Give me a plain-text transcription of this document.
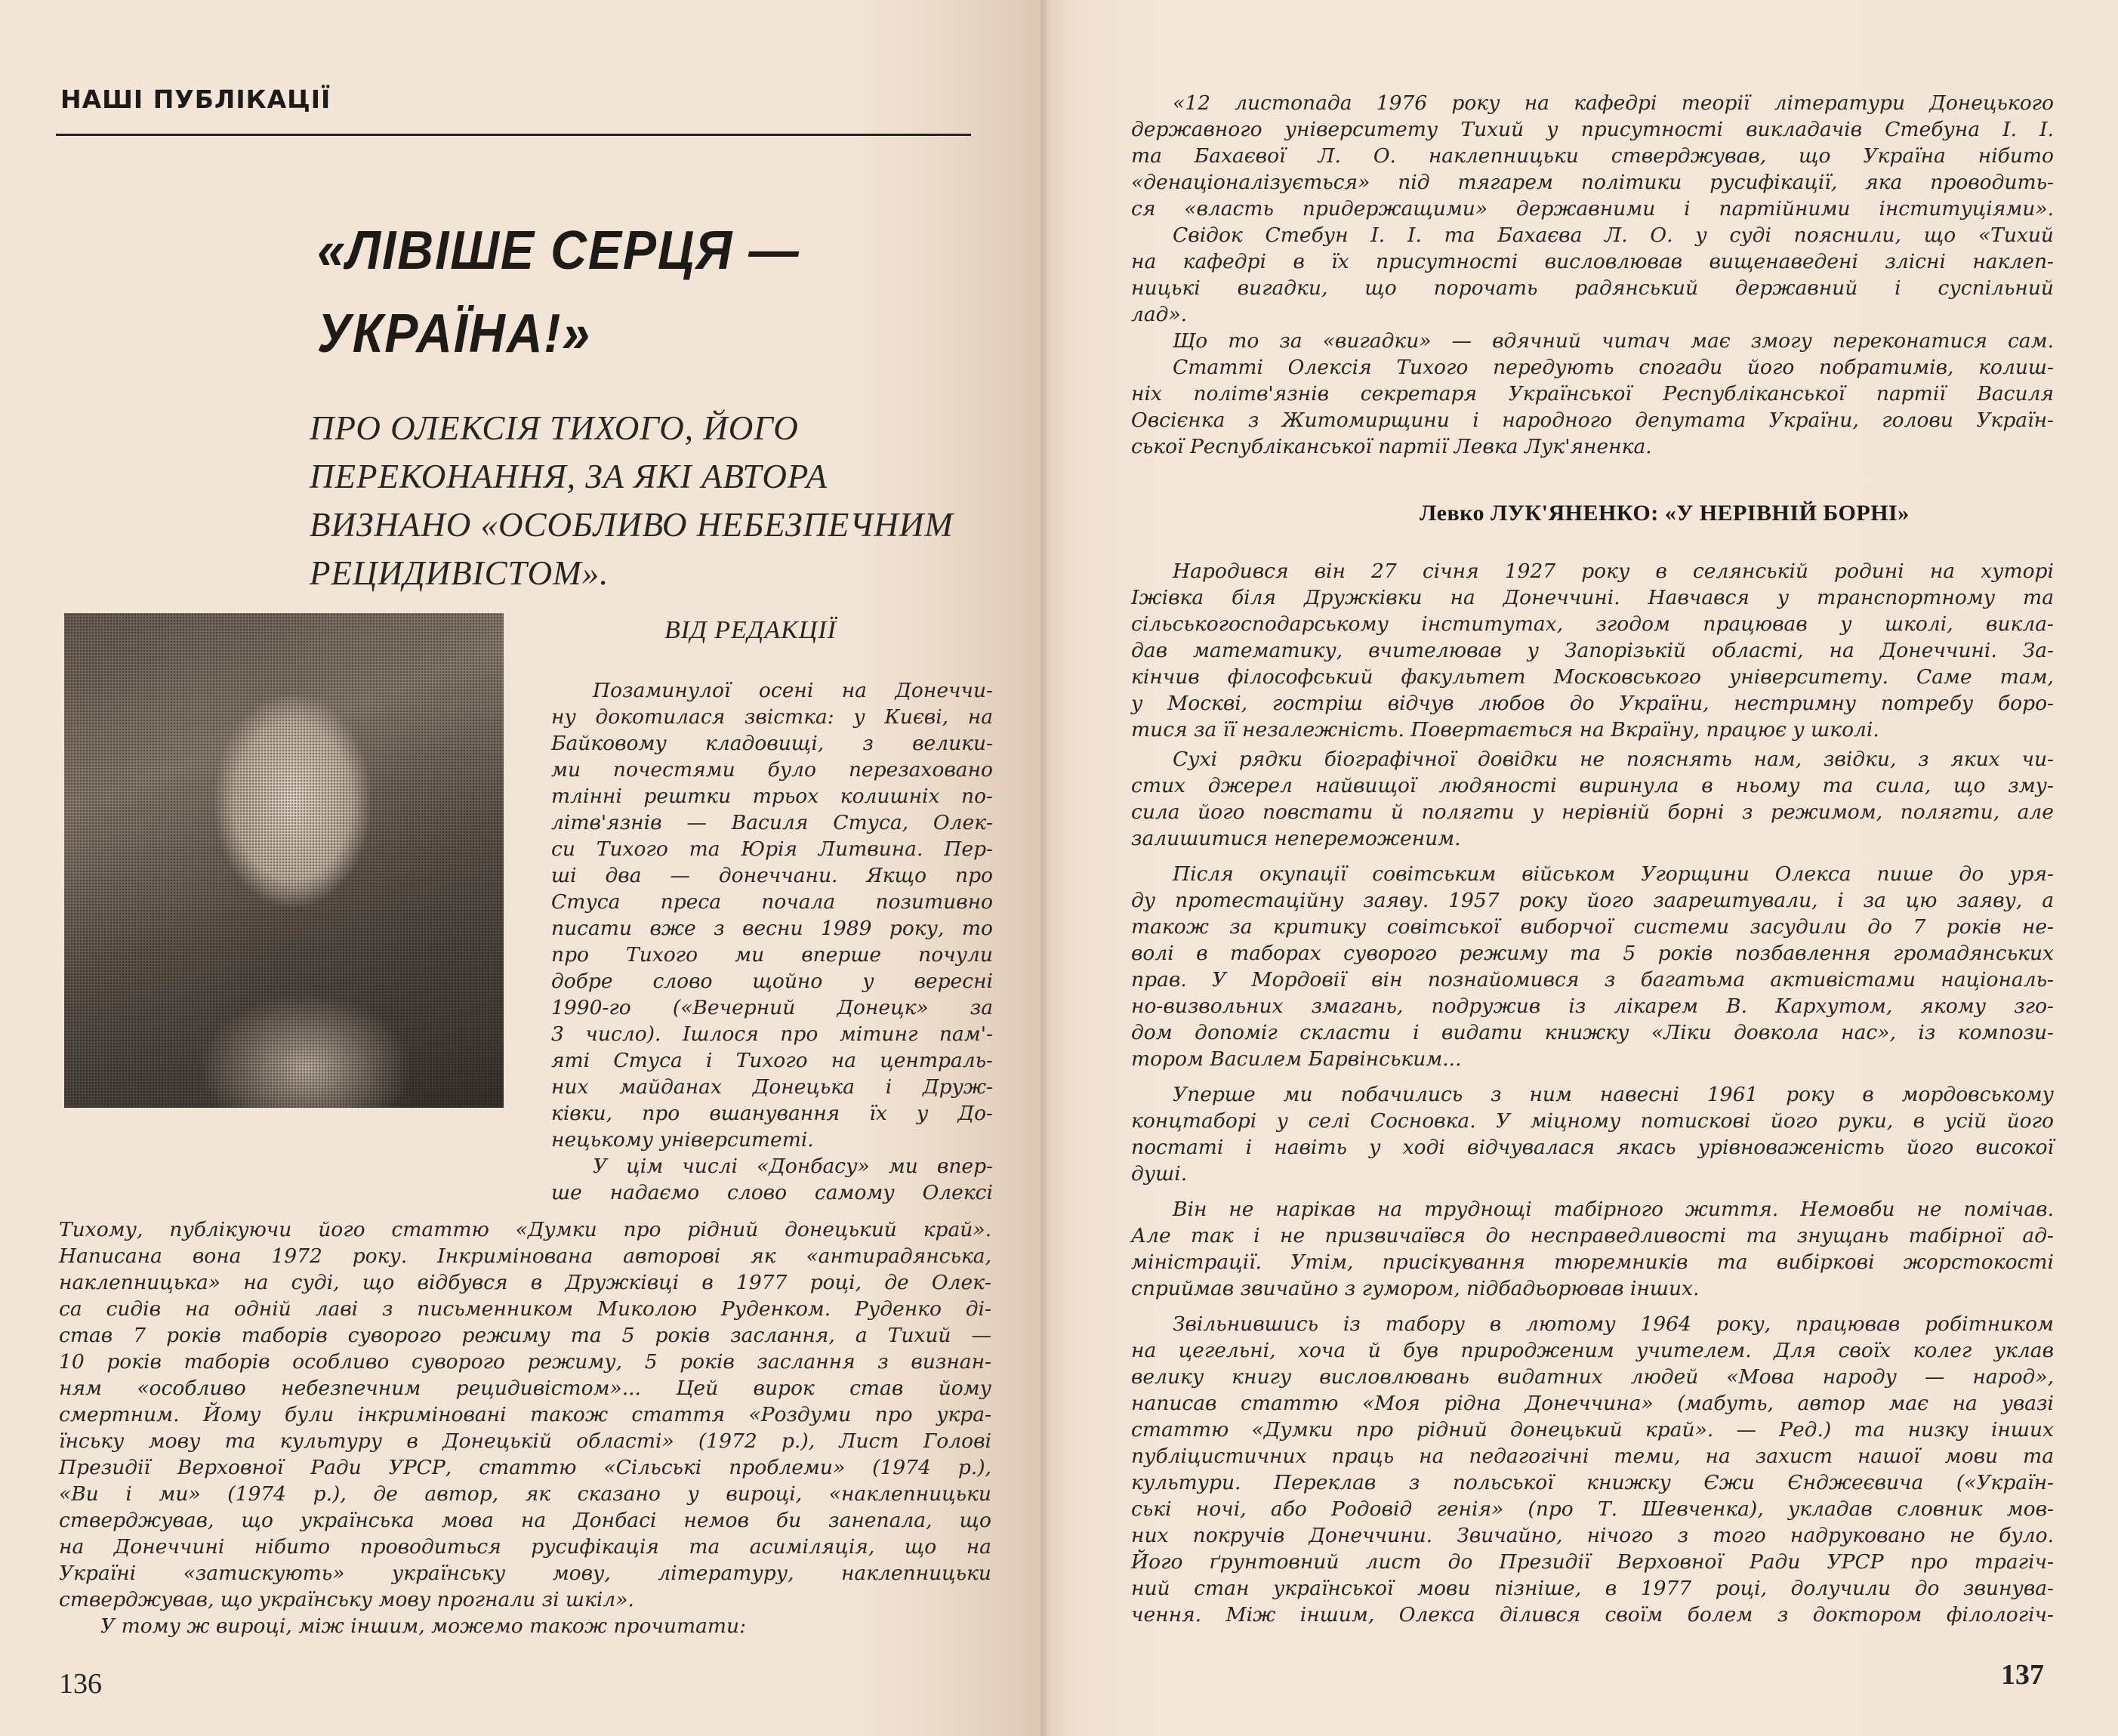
НАШІ ПУБЛІКАЦІЇ
«ЛІВІШЕ СЕРЦЯ —
УКРАЇНА!»
ПРО ОЛЕКСІЯ ТИХОГО, ЙОГО
ПЕРЕКОНАННЯ, ЗА ЯКІ АВТОРА
ВИЗНАНО «ОСОБЛИВО НЕБЕЗПЕЧНИМ
РЕЦИДИВІСТОМ».
ВІД РЕДАКЦІЇ
Позаминулої осені на Донеччи-
ну докотилася звістка: у Києві, на
Байковому кладовищі, з велики-
ми почестями було перезаховано
тлінні рештки трьох колишніх по-
літв'язнів — Василя Стуса, Олек-
си Тихого та Юрія Литвина. Пер-
ші два — донеччани. Якщо про
Стуса преса почала позитивно
писати вже з весни 1989 року, то
про Тихого ми вперше почули
добре слово щойно у вересні
1990-го («Вечерний Донецк» за
3 число). Ішлося про мітинг пам'-
яті Стуса і Тихого на централь-
них майданах Донецька і Друж-
ківки, про вшанування їх у До-
нецькому університеті.
У цім числі «Донбасу» ми впер-
ше надаємо слово самому Олексі
Тихому, публікуючи його статтю «Думки про рідний донецький край».
Написана вона 1972 року. Інкримінована авторові як «антирадянська,
наклепницька» на суді, що відбувся в Дружківці в 1977 році, де Олек-
са сидів на одній лаві з письменником Миколою Руденком. Руденко ді-
став 7 років таборів суворого режиму та 5 років заслання, а Тихий —
10 років таборів особливо суворого режиму, 5 років заслання з визнан-
ням «особливо небезпечним рецидивістом»... Цей вирок став йому
смертним. Йому були інкриміновані також стаття «Роздуми про укра-
їнську мову та культуру в Донецькій області» (1972 р.), Лист Голові
Президії Верховної Ради УРСР, статтю «Сільські проблеми» (1974 р.),
«Ви і ми» (1974 р.), де автор, як сказано у вироці, «наклепницьки
стверджував, що українська мова на Донбасі немов би занепала, що
на Донеччині нібито проводиться русифікація та асиміляція, що на
Україні «затискують» українську мову, літературу, наклепницьки
стверджував, що українську мову прогнали зі шкіл».
У тому ж вироці, між іншим, можемо також прочитати:
136
«12 листопада 1976 року на кафедрі теорії літератури Донецького
державного університету Тихий у присутності викладачів Стебуна І. І.
та Бахаєвої Л. О. наклепницьки стверджував, що Україна нібито
«денаціоналізується» під тягарем політики русифікації, яка проводить-
ся «власть придержащими» державними і партійними інституціями».
Свідок Стебун І. І. та Бахаєва Л. О. у суді пояснили, що «Тихий
на кафедрі в їх присутності висловлював вищенаведені злісні наклеп-
ницькі вигадки, що порочать радянський державний і суспільний
лад».
Що то за «вигадки» — вдячний читач має змогу переконатися сам.
Статті Олексія Тихого передують спогади його побратимів, колиш-
ніх політв'язнів секретаря Української Республіканської партії Василя
Овсієнка з Житомирщини і народного депутата України, голови Україн-
ської Республіканської партії Левка Лук'яненка.
Левко ЛУК'ЯНЕНКО: «У НЕРІВНІЙ БОРНІ»
Народився він 27 січня 1927 року в селянській родині на хуторі
Іжівка біля Дружківки на Донеччині. Навчався у транспортному та
сільськогосподарському інститутах, згодом працював у школі, викла-
дав математику, вчителював у Запорізькій області, на Донеччині. За-
кінчив філософський факультет Московського університету. Саме там,
у Москві, гостріш відчув любов до України, нестримну потребу боро-
тися за її незалежність. Повертається на Вкраїну, працює у школі.
Сухі рядки біографічної довідки не пояснять нам, звідки, з яких чи-
стих джерел найвищої людяності виринула в ньому та сила, що зму-
сила його повстати й полягти у нерівній борні з режимом, полягти, але
залишитися непереможеним.
Після окупації совітським військом Угорщини Олекса пише до уря-
ду протестаційну заяву. 1957 року його заарештували, і за цю заяву, а
також за критику совітської виборчої системи засудили до 7 років не-
волі в таборах суворого режиму та 5 років позбавлення громадянських
прав. У Мордовії він познайомився з багатьма активістами національ-
но-визвольних змагань, подружив із лікарем В. Кархутом, якому зго-
дом допоміг скласти і видати книжку «Ліки довкола нас», із компози-
тором Василем Барвінським...
Уперше ми побачились з ним навесні 1961 року в мордовському
концтаборі у селі Сосновка. У міцному потискові його руки, в усій його
постаті і навіть у ході відчувалася якась урівноваженість його високої
душі.
Він не нарікав на труднощі табірного життя. Немовби не помічав.
Але так і не призвичаївся до несправедливості та знущань табірної ад-
міністрації. Утім, присікування тюремників та вибіркові жорстокості
сприймав звичайно з гумором, підбадьорював інших.
Звільнившись із табору в лютому 1964 року, працював робітником
на цегельні, хоча й був природженим учителем. Для своїх колег уклав
велику книгу висловлювань видатних людей «Мова народу — народ»,
написав статтю «Моя рідна Донеччина» (мабуть, автор має на увазі
статтю «Думки про рідний донецький край». — Ред.) та низку інших
публіцистичних праць на педагогічні теми, на захист нашої мови та
культури. Переклав з польської книжку Єжи Єнджеєвича («Україн-
ські ночі, або Родовід генія» (про Т. Шевченка), укладав словник мов-
них покручів Донеччини. Звичайно, нічого з того надруковано не було.
Його ґрунтовний лист до Президії Верховної Ради УРСР про трагіч-
ний стан української мови пізніше, в 1977 році, долучили до звинува-
чення. Між іншим, Олекса ділився своїм болем з доктором філологіч-
137
